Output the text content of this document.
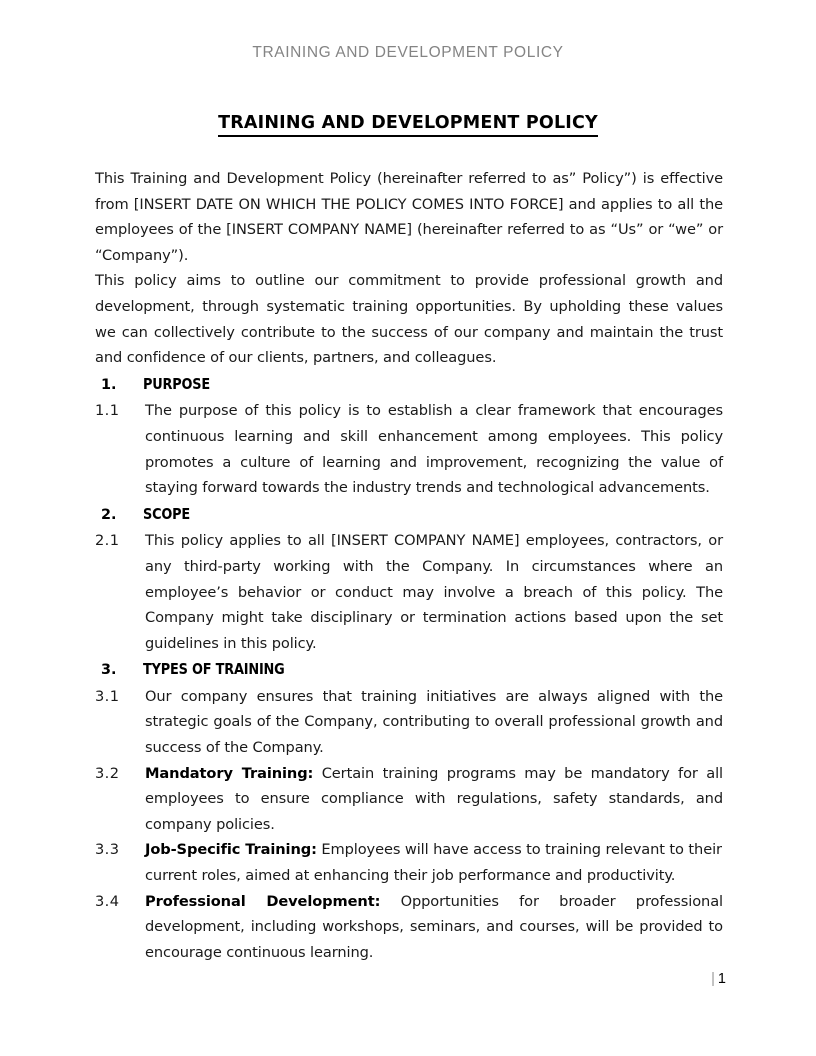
TRAINING AND DEVELOPMENT POLICY
TRAINING AND DEVELOPMENT POLICY

This Training and Development Policy (hereinafter referred to as” Policy”) is effective from [INSERT DATE ON WHICH THE POLICY COMES INTO FORCE] and applies to all the employees of the [INSERT COMPANY NAME] (hereinafter referred to as “Us” or “we” or “Company”).

This policy aims to outline our commitment to provide professional growth and development, through systematic training opportunities. By upholding these values we can collectively contribute to the success of our company and maintain the trust and confidence of our clients, partners, and colleagues.

1.	PURPOSE
1.1	The purpose of this policy is to establish a clear framework that encourages continuous learning and skill enhancement among employees. This policy promotes a culture of learning and improvement, recognizing the value of staying forward towards the industry trends and technological advancements.
2.	SCOPE
2.1	This policy applies to all [INSERT COMPANY NAME] employees, contractors, or any third-party working with the Company. In circumstances where an employee’s behavior or conduct may involve a breach of this policy. The Company might take disciplinary or termination actions based upon the set guidelines in this policy.
3.	TYPES OF TRAINING
3.1	Our company ensures that training initiatives are always aligned with the strategic goals of the Company, contributing to overall professional growth and success of the Company.
3.2	Mandatory Training: Certain training programs may be mandatory for all employees to ensure compliance with regulations, safety standards, and company policies.
3.3	Job-Specific Training: Employees will have access to training relevant to their current roles, aimed at enhancing their job performance and productivity.
3.4	Professional Development: Opportunities for broader professional development, including workshops, seminars, and courses, will be provided to encourage continuous learning.
| 1
